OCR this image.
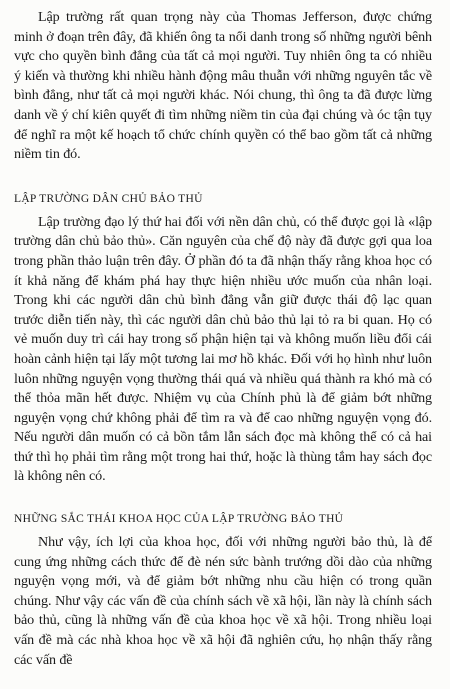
Lập trường rất quan trọng này của Thomas Jefferson, được chứng minh ở đoạn trên đây, đã khiến ông ta nổi danh trong số những người bênh vực cho quyền bình đẳng của tất cả mọi người. Tuy nhiên ông ta có nhiều ý kiến và thường khi nhiều hành động mâu thuẫn với những nguyên tắc về bình đẳng, như tất cả mọi người khác. Nói chung, thì ông ta đã được lừng danh về ý chí kiên quyết đi tìm những niềm tin của đại chúng và óc tận tụy để nghĩ ra một kế hoạch tổ chức chính quyền có thể bao gồm tất cả những niềm tin đó.

LẬP TRƯỜNG DÂN CHỦ BẢO THỦ

Lập trường đạo lý thứ hai đối với nền dân chủ, có thể được gọi là «lập trường dân chủ bảo thủ». Căn nguyên của chế độ này đã được gợi qua loa trong phần thảo luận trên đây. Ở phần đó ta đã nhận thấy rằng khoa học có ít khả năng để khám phá hay thực hiện nhiều ước muốn của nhân loại. Trong khi các người dân chủ bình đẳng vẫn giữ được thái độ lạc quan trước diễn tiến này, thì các người dân chủ bảo thủ lại tỏ ra bi quan. Họ có vẻ muốn duy trì cái hay trong số phận hiện tại và không muốn liều đổi cái hoàn cảnh hiện tại lấy một tương lai mơ hồ khác. Đối với họ hình như luôn luôn những nguyện vọng thường thái quá và nhiều quá thành ra khó mà có thể thỏa mãn hết được. Nhiệm vụ của Chính phủ là để giảm bớt những nguyện vọng chứ không phải để tìm ra và để cao những nguyện vọng đó. Nếu người dân muốn có cả bồn tắm lẫn sách đọc mà không thể có cả hai thứ thì họ phải tìm rằng một trong hai thứ, hoặc là thùng tắm hay sách đọc là không nên có.

NHỮNG SẮC THÁI KHOA HỌC CỦA LẬP TRƯỜNG BẢO THỦ

Như vậy, ích lợi của khoa học, đối với những người bảo thủ, là để cung ứng những cách thức để đè nén sức bành trướng dồi dào của những nguyện vọng mới, và để giảm bớt những nhu cầu hiện có trong quần chúng. Như vậy các vấn đề của chính sách về xã hội, lần này là chính sách bảo thủ, cũng là những vấn đề của khoa học về xã hội. Trong nhiều loại vấn đề mà các nhà khoa học về xã hội đã nghiên cứu, họ nhận thấy rằng các vấn đề
